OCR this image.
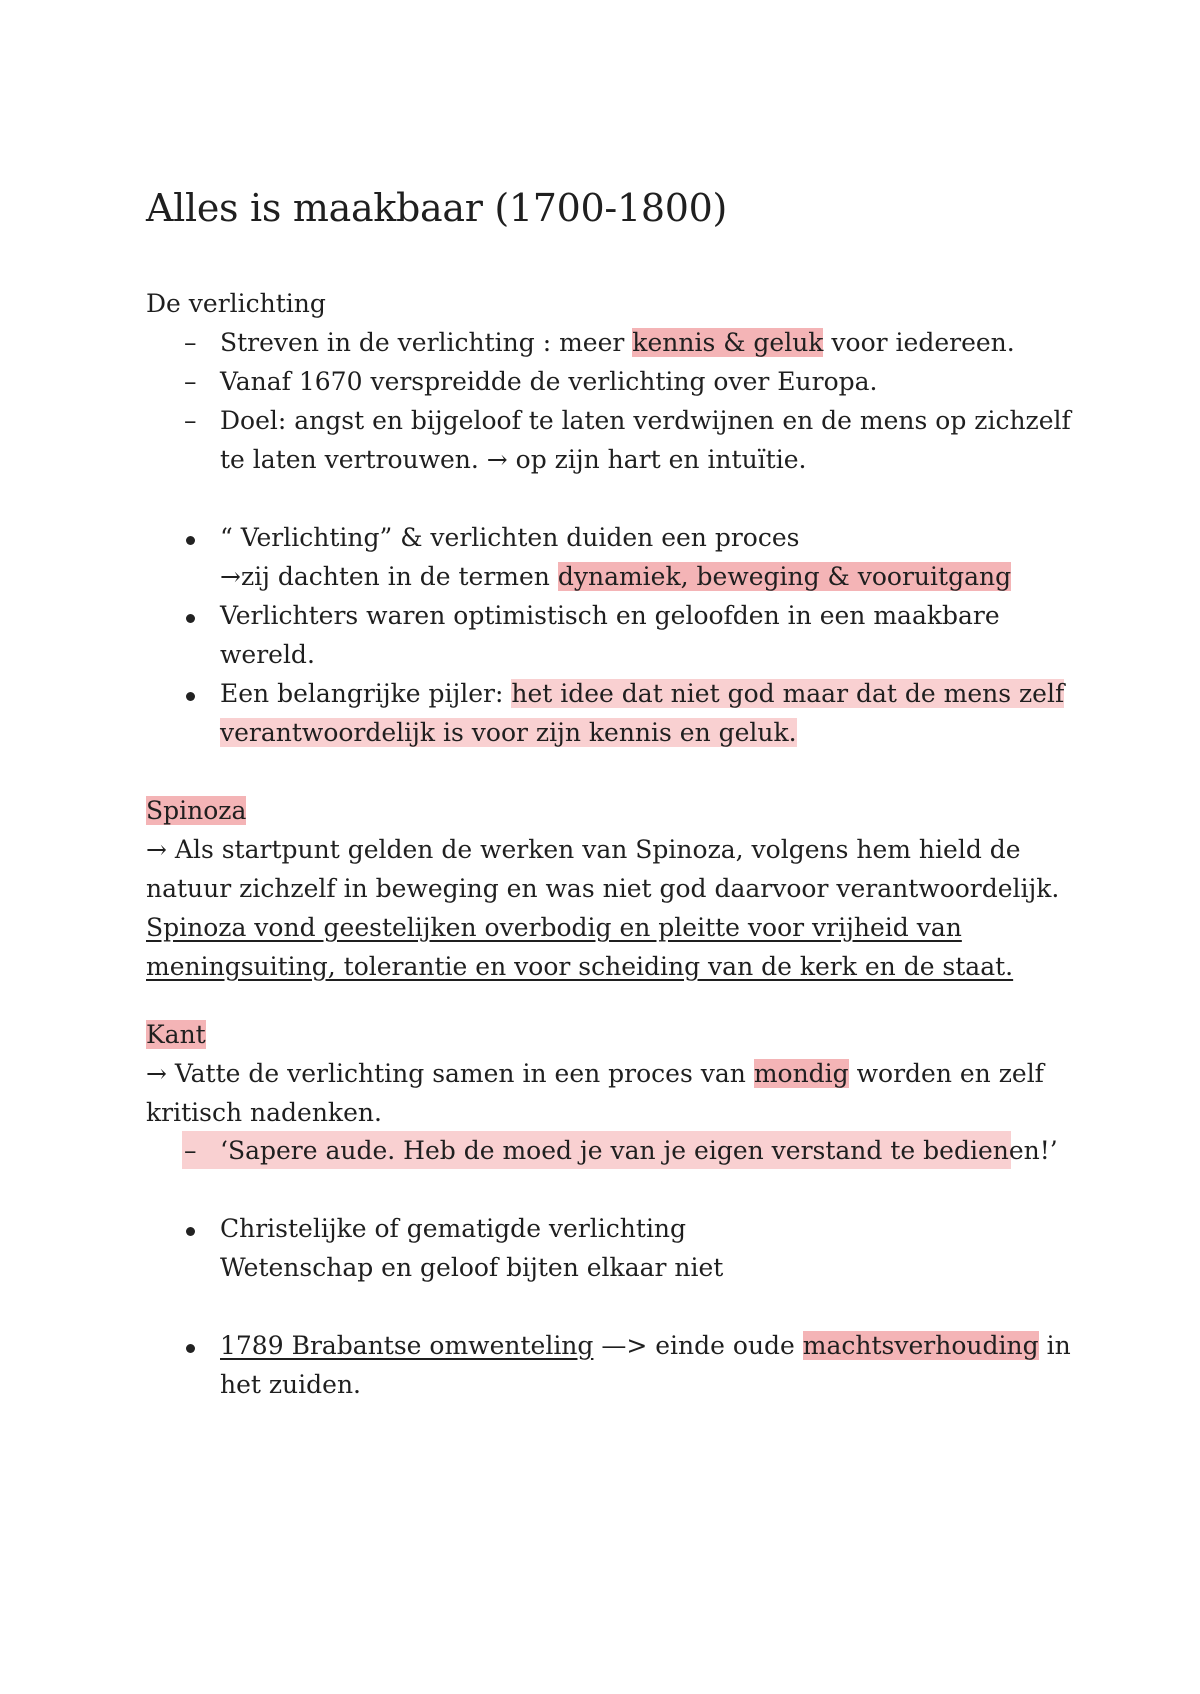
Alles is maakbaar (1700-1800)
De verlichting
– Streven in de verlichting : meer kennis & geluk voor iedereen.
– Vanaf 1670 verspreidde de verlichting over Europa.
– Doel: angst en bijgeloof te laten verdwijnen en de mens op zichzelf
te laten vertrouwen. → op zijn hart en intuïtie.
“ Verlichting” & verlichten duiden een proces
→zij dachten in de termen dynamiek, beweging & vooruitgang
Verlichters waren optimistisch en geloofden in een maakbare
wereld.
Een belangrijke pijler: het idee dat niet god maar dat de mens zelf
verantwoordelijk is voor zijn kennis en geluk.
Spinoza
→ Als startpunt gelden de werken van Spinoza, volgens hem hield de
natuur zichzelf in beweging en was niet god daarvoor verantwoordelijk.
Spinoza vond geestelijken overbodig en pleitte voor vrijheid van
meningsuiting, tolerantie en voor scheiding van de kerk en de staat.
Kant
→ Vatte de verlichting samen in een proces van mondig worden en zelf
kritisch nadenken.
– ‘Sapere aude. Heb de moed je van je eigen verstand te bedienen!’
Christelijke of gematigde verlichting
Wetenschap en geloof bijten elkaar niet
1789 Brabantse omwenteling —> einde oude machtsverhouding in
het zuiden.
